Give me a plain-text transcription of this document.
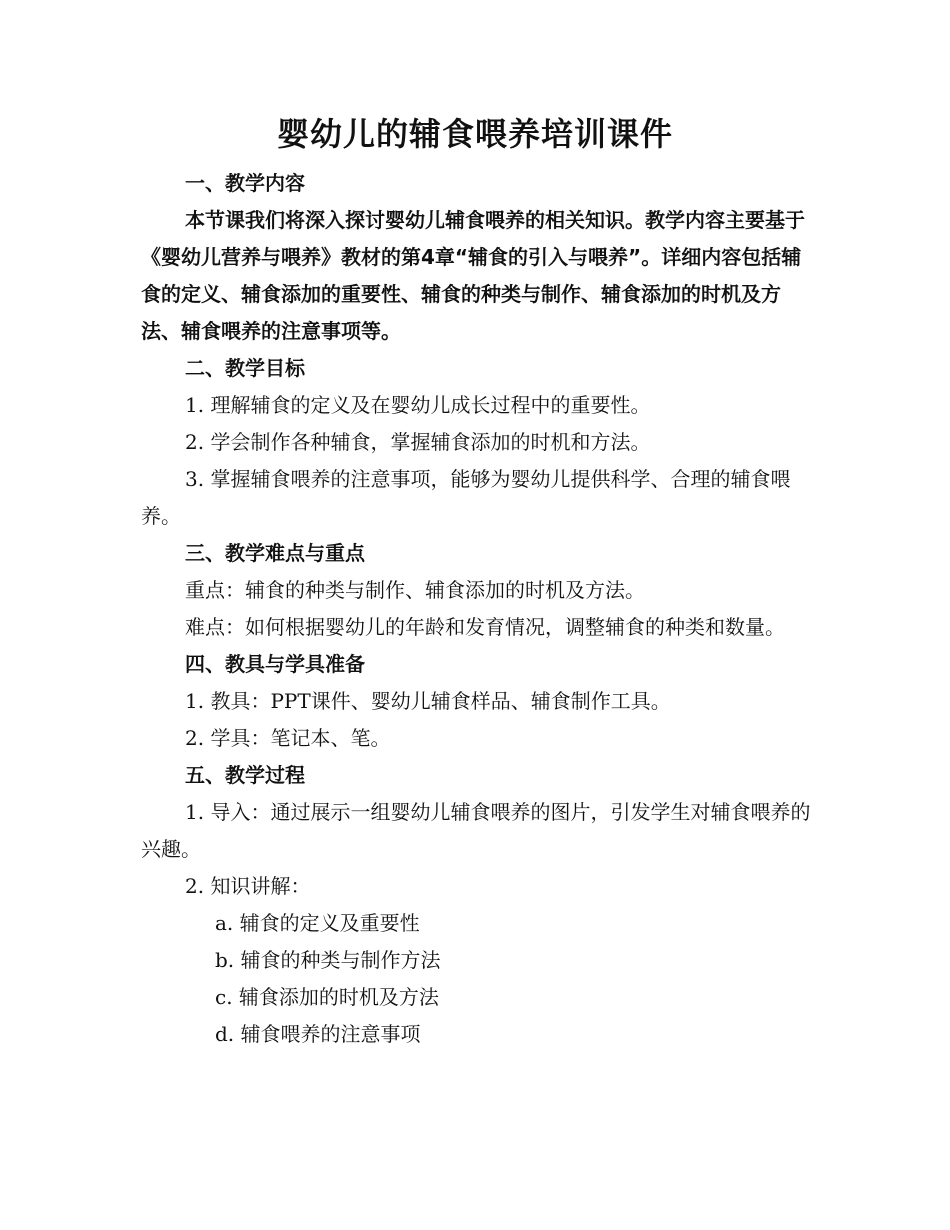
婴幼儿的辅食喂养培训课件
一、教学内容

本节课我们将深入探讨婴幼儿辅食喂养的相关知识。教学内容主要基于《婴幼儿营养与喂养》教材的第4章“辅食的引入与喂养”。详细内容包括辅食的定义、辅食添加的重要性、辅食的种类与制作、辅食添加的时机及方法、辅食喂养的注意事项等。

二、教学目标

1. 理解辅食的定义及在婴幼儿成长过程中的重要性。

2. 学会制作各种辅食，掌握辅食添加的时机和方法。

3. 掌握辅食喂养的注意事项，能够为婴幼儿提供科学、合理的辅食喂养。

三、教学难点与重点

重点：辅食的种类与制作、辅食添加的时机及方法。

难点：如何根据婴幼儿的年龄和发育情况，调整辅食的种类和数量。

四、教具与学具准备

1. 教具：PPT课件、婴幼儿辅食样品、辅食制作工具。

2. 学具：笔记本、笔。

五、教学过程

1. 导入：通过展示一组婴幼儿辅食喂养的图片，引发学生对辅食喂养的兴趣。

2. 知识讲解：

a. 辅食的定义及重要性

b. 辅食的种类与制作方法

c. 辅食添加的时机及方法

d. 辅食喂养的注意事项
